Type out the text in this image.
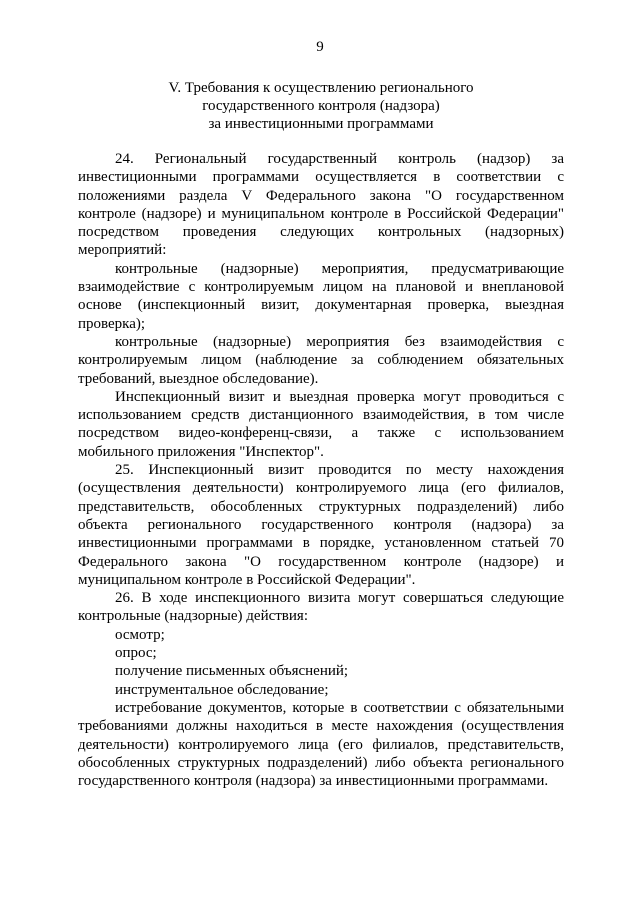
9
V. Требования к осуществлению регионального
государственного контроля (надзора)
за инвестиционными программами

24. Региональный государственный контроль (надзор) за инвестиционными программами осуществляется в соответствии с положениями раздела V Федерального закона "О государственном контроле (надзоре) и муниципальном контроле в Российской Федерации" посредством проведения следующих контрольных (надзорных) мероприятий:

контрольные (надзорные) мероприятия, предусматривающие взаимодействие с контролируемым лицом на плановой и внеплановой основе (инспекционный визит, документарная проверка, выездная проверка);

контрольные (надзорные) мероприятия без взаимодействия с контролируемым лицом (наблюдение за соблюдением обязательных требований, выездное обследование).

Инспекционный визит и выездная проверка могут проводиться с использованием средств дистанционного взаимодействия, в том числе посредством видео-конференц-связи, а также с использованием мобильного приложения "Инспектор".

25. Инспекционный визит проводится по месту нахождения (осуществления деятельности) контролируемого лица (его филиалов, представительств, обособленных структурных подразделений) либо объекта регионального государственного контроля (надзора) за инвестиционными программами в порядке, установленном статьей 70 Федерального закона "О государственном контроле (надзоре) и муниципальном контроле в Российской Федерации".

26. В ходе инспекционного визита могут совершаться следующие контрольные (надзорные) действия:

осмотр;

опрос;

получение письменных объяснений;

инструментальное обследование;

истребование документов, которые в соответствии с обязательными требованиями должны находиться в месте нахождения (осуществления деятельности) контролируемого лица (его филиалов, представительств, обособленных структурных подразделений) либо объекта регионального государственного контроля (надзора) за инвестиционными программами.
